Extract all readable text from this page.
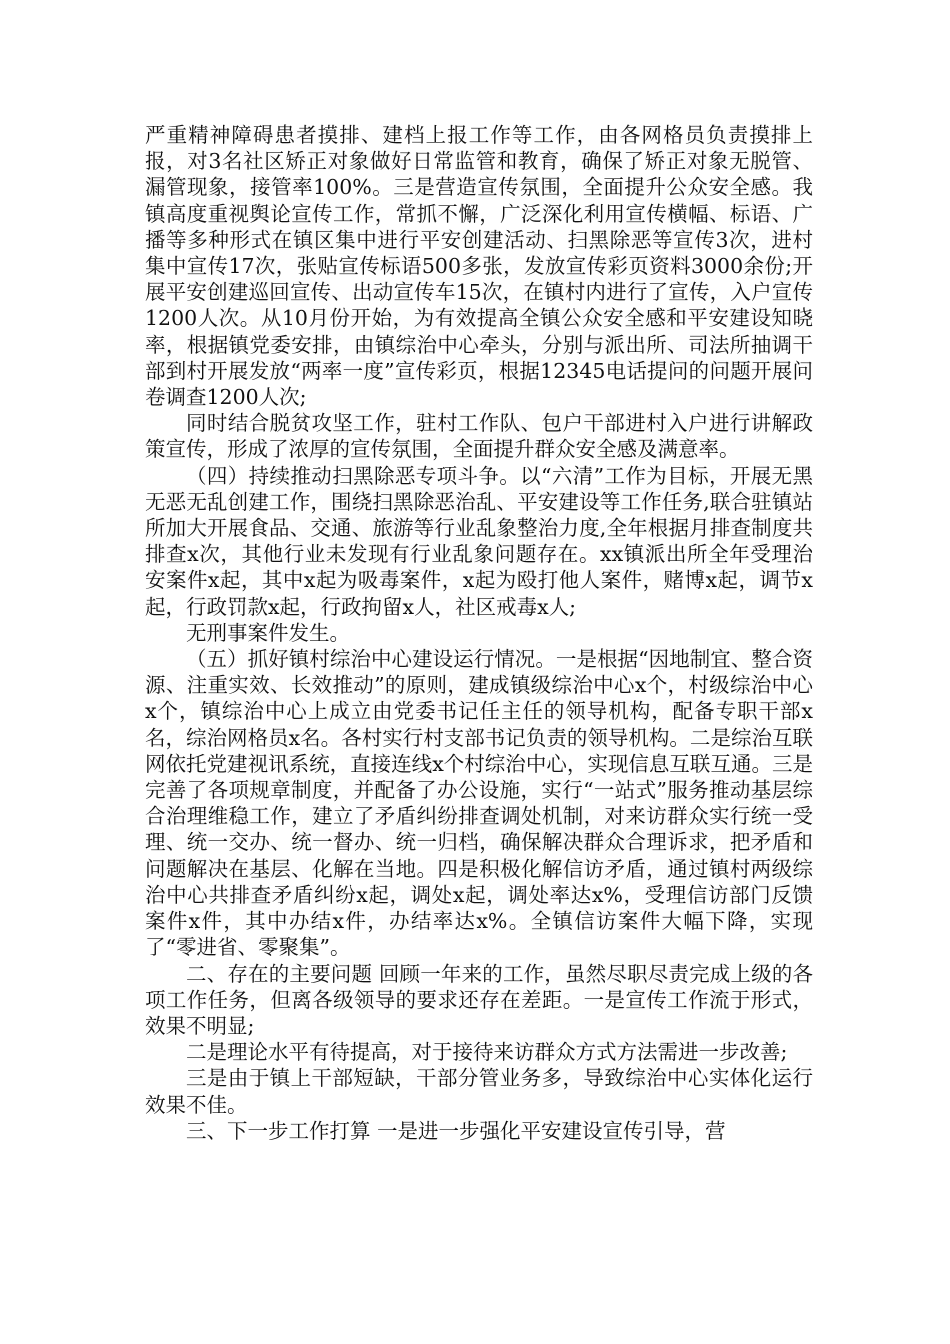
严重精神障碍患者摸排、建档上报工作等工作，由各网格员负责摸排上报，对3名社区矫正对象做好日常监管和教育，确保了矫正对象无脱管、漏管现象，接管率100%。三是营造宣传氛围，全面提升公众安全感。我镇高度重视舆论宣传工作，常抓不懈，广泛深化利用宣传横幅、标语、广播等多种形式在镇区集中进行平安创建活动、扫黑除恶等宣传3次，进村集中宣传17次，张贴宣传标语500多张，发放宣传彩页资料3000余份;开展平安创建巡回宣传、出动宣传车15次，在镇村内进行了宣传，入户宣传1200人次。从10月份开始，为有效提高全镇公众安全感和平安建设知晓率，根据镇党委安排，由镇综治中心牵头，分别与派出所、司法所抽调干部到村开展发放“两率一度”宣传彩页，根据12345电话提问的问题开展问卷调查1200人次;

同时结合脱贫攻坚工作，驻村工作队、包户干部进村入户进行讲解政策宣传，形成了浓厚的宣传氛围，全面提升群众安全感及满意率。

（四）持续推动扫黑除恶专项斗争。以“六清”工作为目标，开展无黑无恶无乱创建工作，围绕扫黑除恶治乱、平安建设等工作任务,联合驻镇站所加大开展食品、交通、旅游等行业乱象整治力度,全年根据月排查制度共排查x次，其他行业未发现有行业乱象问题存在。xx镇派出所全年受理治安案件x起，其中x起为吸毒案件，x起为殴打他人案件，赌博x起，调节x起，行政罚款x起，行政拘留x人，社区戒毒x人;

无刑事案件发生。

（五）抓好镇村综治中心建设运行情况。一是根据“因地制宜、整合资源、注重实效、长效推动”的原则，建成镇级综治中心x个，村级综治中心x个，镇综治中心上成立由党委书记任主任的领导机构，配备专职干部x名，综治网格员x名。各村实行村支部书记负责的领导机构。二是综治互联网依托党建视讯系统，直接连线x个村综治中心，实现信息互联互通。三是完善了各项规章制度，并配备了办公设施，实行“一站式”服务推动基层综合治理维稳工作，建立了矛盾纠纷排查调处机制，对来访群众实行统一受理、统一交办、统一督办、统一归档，确保解决群众合理诉求，把矛盾和问题解决在基层、化解在当地。四是积极化解信访矛盾，通过镇村两级综治中心共排查矛盾纠纷x起，调处x起，调处率达x%，受理信访部门反馈案件x件，其中办结x件，办结率达x%。全镇信访案件大幅下降，实现了“零进省、零聚集”。

二、存在的主要问题 回顾一年来的工作，虽然尽职尽责完成上级的各项工作任务，但离各级领导的要求还存在差距。一是宣传工作流于形式，效果不明显;

二是理论水平有待提高，对于接待来访群众方式方法需进一步改善;

三是由于镇上干部短缺，干部分管业务多，导致综治中心实体化运行效果不佳。

三、下一步工作打算 一是进一步强化平安建设宣传引导，营
